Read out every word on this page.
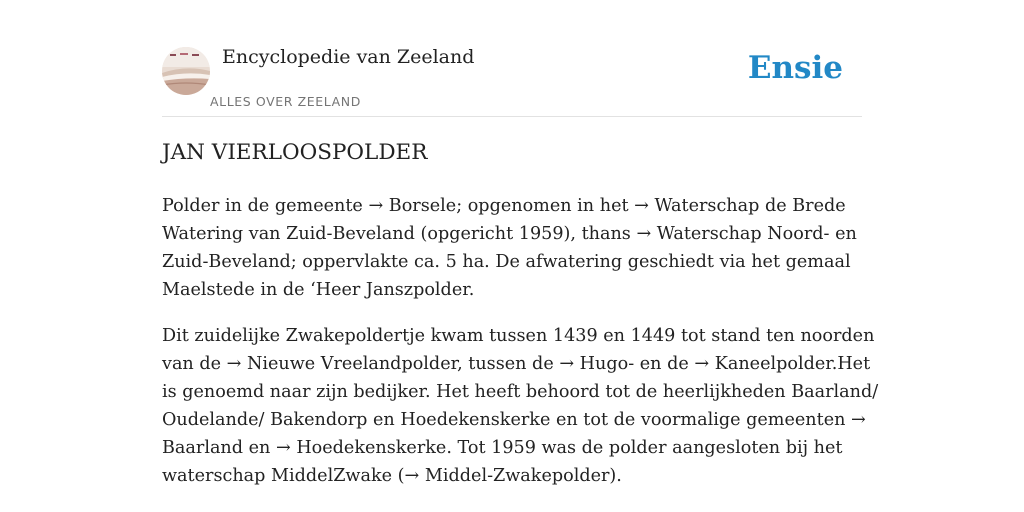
Encyclopedie van Zeeland
ALLES OVER ZEELAND
Ensie
JAN VIERLOOSPOLDER

Polder in de gemeente → Borsele; opgenomen in het → Waterschap de Brede
Watering van Zuid-Beveland (opgericht 1959), thans → Waterschap Noord- en
Zuid-Beveland; oppervlakte ca. 5 ha. De afwatering geschiedt via het gemaal
Maelstede in de ‘Heer Janszpolder.

Dit zuidelijke Zwakepoldertje kwam tussen 1439 en 1449 tot stand ten noorden
van de → Nieuwe Vreelandpolder, tussen de → Hugo- en de → Kaneelpolder.Het
is genoemd naar zijn bedijker. Het heeft behoord tot de heerlijkheden Baarland/
Oudelande/ Bakendorp en Hoedekenskerke en tot de voormalige gemeenten →
Baarland en → Hoedekenskerke. Tot 1959 was de polder aangesloten bij het
waterschap MiddelZwake (→ Middel-Zwakepolder).
